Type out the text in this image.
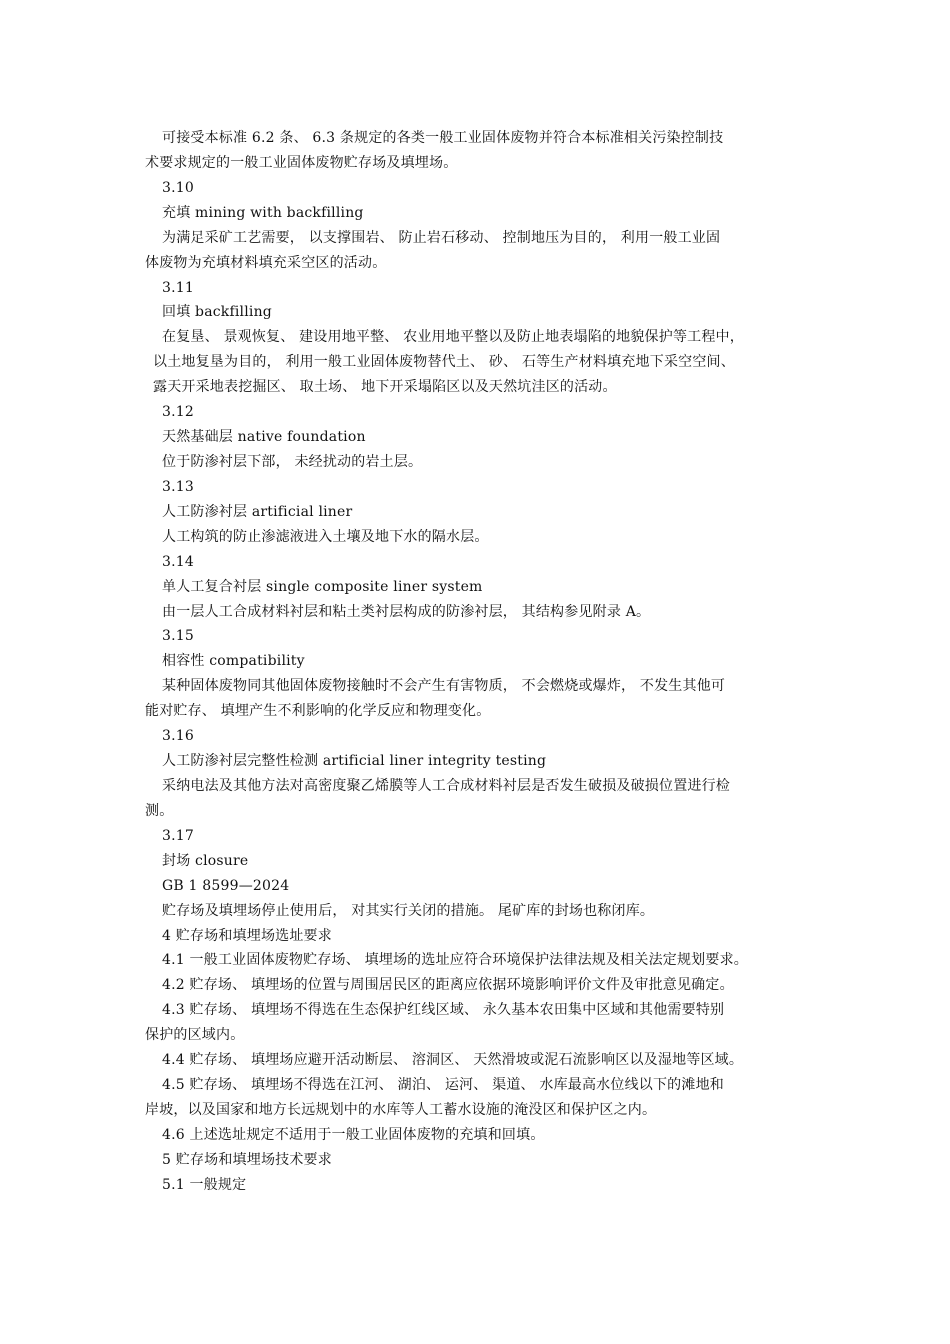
可接受本标准 6.2 条、 6.3 条规定的各类一般工业固体废物并符合本标准相关污染控制技
术要求规定的一般工业固体废物贮存场及填埋场。
3.10
充填 mining with backfilling
为满足采矿工艺需要， 以支撑围岩、 防止岩石移动、 控制地压为目的， 利用一般工业固
体废物为充填材料填充采空区的活动。
3.11
回填 backfilling
在复垦、 景观恢复、 建设用地平整、 农业用地平整以及防止地表塌陷的地貌保护等工程中，
以土地复垦为目的， 利用一般工业固体废物替代土、 砂、 石等生产材料填充地下采空空间、
露天开采地表挖掘区、 取土场、 地下开采塌陷区以及天然坑洼区的活动。
3.12
天然基础层 native foundation
位于防渗衬层下部， 未经扰动的岩土层。
3.13
人工防渗衬层 artificial liner
人工构筑的防止渗滤液进入土壤及地下水的隔水层。
3.14
单人工复合衬层 single composite liner system
由一层人工合成材料衬层和粘土类衬层构成的防渗衬层， 其结构参见附录 A。
3.15
相容性 compatibility
某种固体废物同其他固体废物接触时不会产生有害物质， 不会燃烧或爆炸， 不发生其他可
能对贮存、 填埋产生不利影响的化学反应和物理变化。
3.16
人工防渗衬层完整性检测 artificial liner integrity testing
采纳电法及其他方法对高密度聚乙烯膜等人工合成材料衬层是否发生破损及破损位置进行检
测。
3.17
封场 closure
GB 1 8599—2024
贮存场及填埋场停止使用后， 对其实行关闭的措施。 尾矿库的封场也称闭库。
4 贮存场和填埋场选址要求
4.1 一般工业固体废物贮存场、 填埋场的选址应符合环境保护法律法规及相关法定规划要求。
4.2 贮存场、 填埋场的位置与周围居民区的距离应依据环境影响评价文件及审批意见确定。
4.3 贮存场、 填埋场不得选在生态保护红线区域、 永久基本农田集中区域和其他需要特别
保护的区域内。
4.4 贮存场、 填埋场应避开活动断层、 溶洞区、 天然滑坡或泥石流影响区以及湿地等区域。
4.5 贮存场、 填埋场不得选在江河、 湖泊、 运河、 渠道、 水库最高水位线以下的滩地和
岸坡，以及国家和地方长远规划中的水库等人工蓄水设施的淹没区和保护区之内。
4.6 上述选址规定不适用于一般工业固体废物的充填和回填。
5 贮存场和填埋场技术要求
5.1 一般规定
